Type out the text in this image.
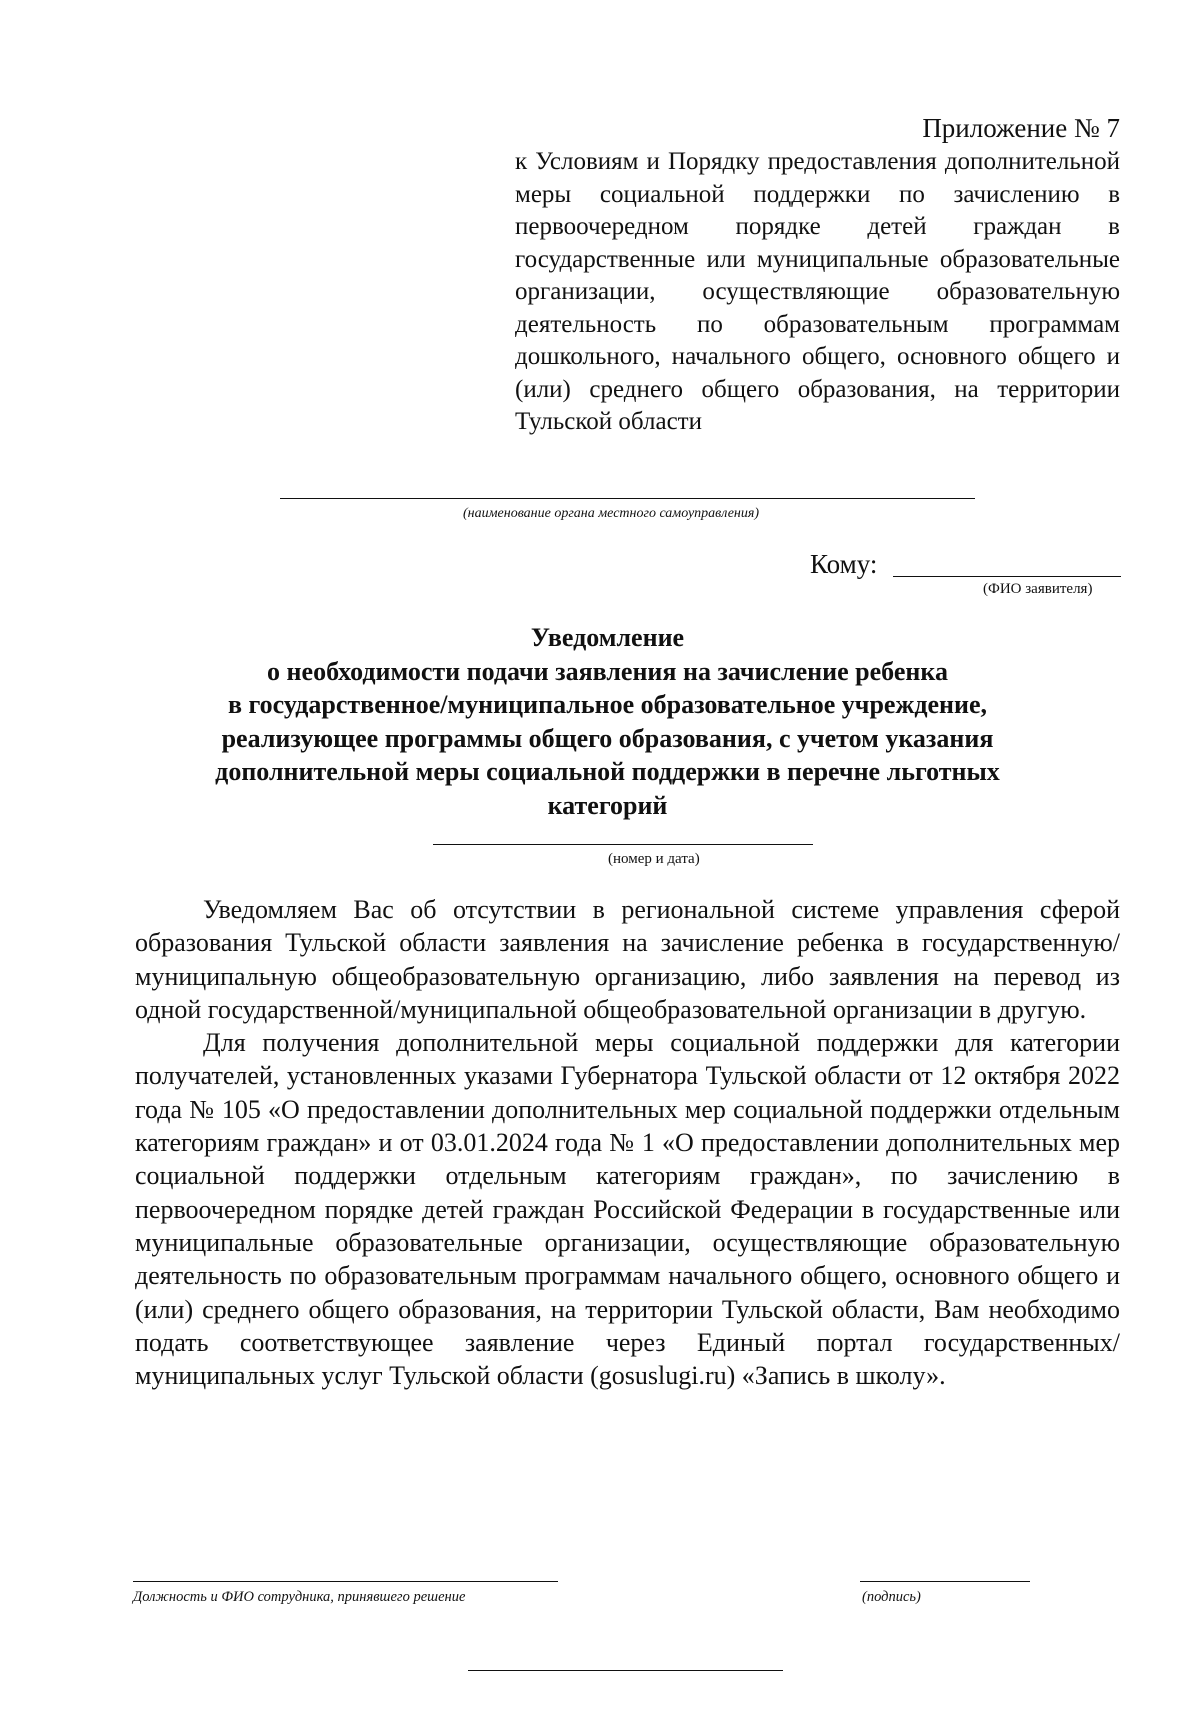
Приложение № 7
к Условиям и Порядку предоставления дополнительной меры социальной поддержки по зачислению в первоочередном порядке детей граждан в государственные или муниципальные образовательные организации, осуществляющие образовательную деятельность по образовательным программам дошкольного, начального общего, основного общего и (или) среднего общего образования, на территории Тульской области
(наименование органа местного самоуправления)
Кому:
(ФИО заявителя)
Уведомление
о необходимости подачи заявления на зачисление ребенка
в государственное/муниципальное образовательное учреждение,
реализующее программы общего образования, с учетом указания
дополнительной меры социальной поддержки в перечне льготных
категорий
(номер и дата)

Уведомляем Вас об отсутствии в региональной системе управления сферой образования Тульской области заявления на зачисление ребенка в государственную/муниципальную общеобразовательную организацию, либо заявления на перевод из одной государственной/муниципальной общеобразовательной организации в другую.

Для получения дополнительной меры социальной поддержки для категории получателей, установленных указами Губернатора Тульской области от 12 октября 2022 года № 105 «О предоставлении дополнительных мер социальной поддержки отдельным категориям граждан» и от 03.01.2024 года № 1 «О предоставлении дополнительных мер социальной поддержки отдельным категориям граждан», по зачислению в первоочередном порядке детей граждан Российской Федерации в государственные или муниципальные образовательные организации, осуществляющие образовательную деятельность по образовательным программам начального общего, основного общего и (или) среднего общего образования, на территории Тульской области, Вам необходимо подать соответствующее заявление через Единый портал государственных/муниципальных услуг Тульской области (gosuslugi.ru) «Запись в школу».

Должность и ФИО сотрудника, принявшего решение	(подпись)
